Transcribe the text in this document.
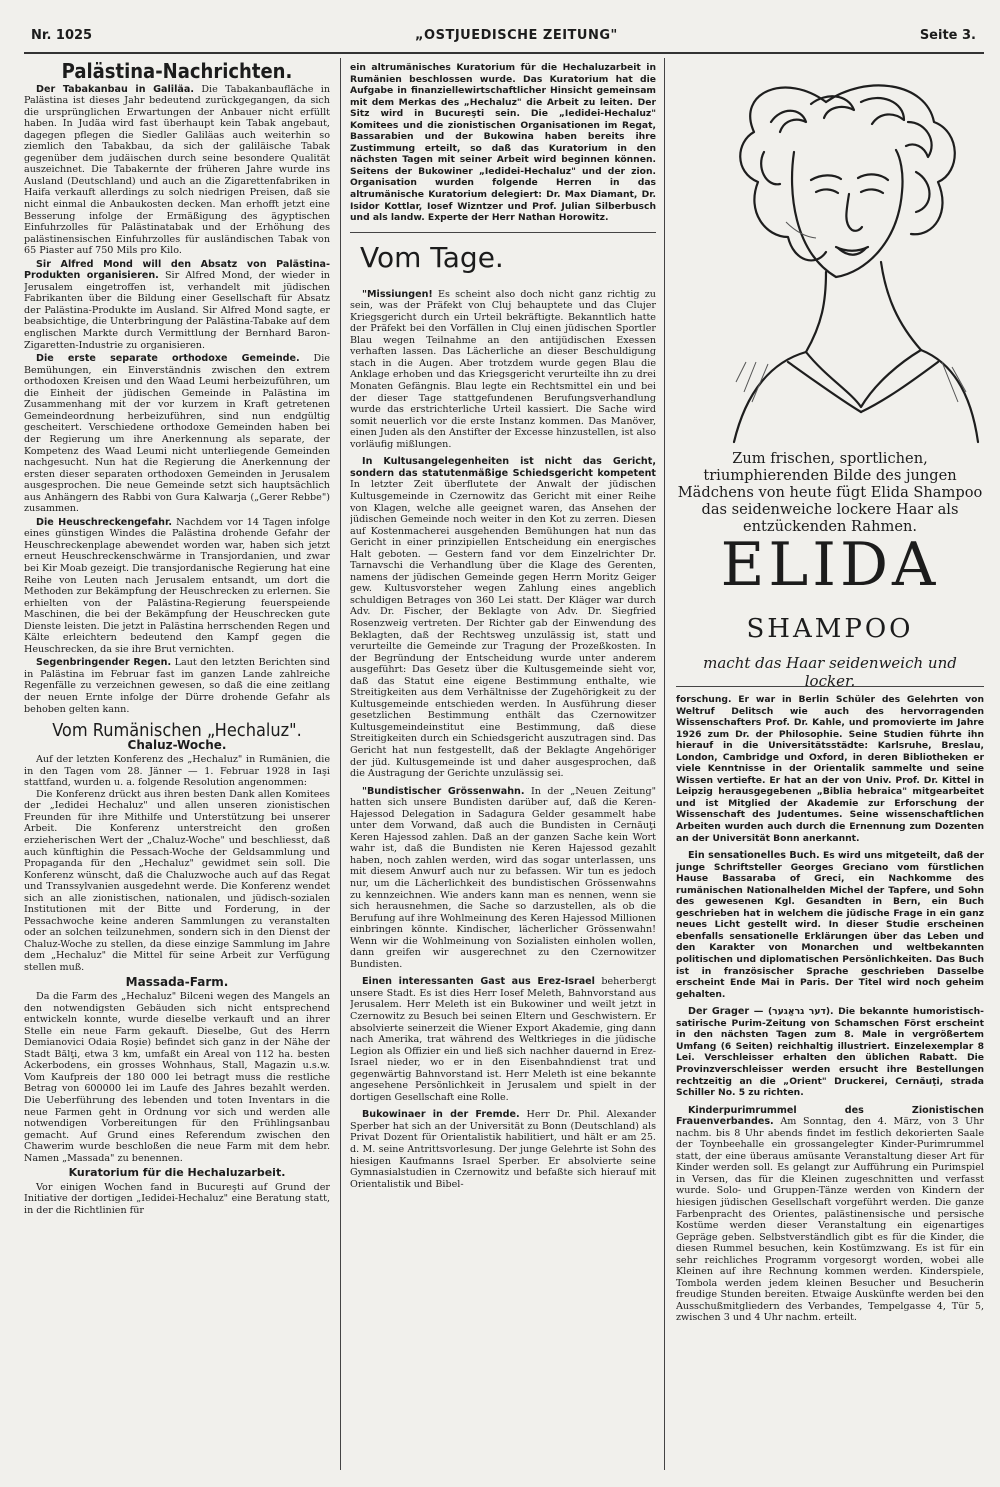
Nr. 1025	„OSTJUEDISCHE ZEITUNG"	Seite 3.
Palästina-Nachrichten.

Der Tabakanbau in Galiläa. Die Tabakanbaufläche in Palästina ist dieses Jahr bedeutend zurückgegangen, da sich die ursprünglichen Erwartungen der Anbauer nicht erfüllt haben. In Judäa wird fast überhaupt kein Tabak angebaut, dagegen pflegen die Siedler Galiläas auch weiterhin so ziemlich den Tabakbau, da sich der galiläische Tabak gegenüber dem judäischen durch seine besondere Qualität auszeichnet. Die Tabakernte der früheren Jahre wurde ins Ausland (Deutschland) und auch an die Zigarettenfabriken in Haifa verkauft allerdings zu solch niedrigen Preisen, daß sie nicht einmal die Anbaukosten decken. Man erhofft jetzt eine Besserung infolge der Ermäßigung des ägyptischen Einfuhrzolles für Palästinatabak und der Erhöhung des palästinensischen Einfuhrzolles für ausländischen Tabak von 65 Piaster auf 750 Mils pro Kilo.

Sir Alfred Mond will den Absatz von Palästina-Produkten organisieren. Sir Alfred Mond, der wieder in Jerusalem eingetroffen ist, verhandelt mit jüdischen Fabrikanten über die Bildung einer Gesellschaft für Absatz der Palästina-Produkte im Ausland. Sir Alfred Mond sagte, er beabsichtige, die Unterbringung der Palästina-Tabake auf dem englischen Markte durch Vermittlung der Bernhard Baron-Zigaretten-Industrie zu organisieren.

Die erste separate orthodoxe Gemeinde. Die Bemühungen, ein Einverständnis zwischen den extrem orthodoxen Kreisen und den Waad Leumi herbeizuführen, um die Einheit der jüdischen Gemeinde in Palästina im Zusammenhang mit der vor kurzem in Kraft getretenen Gemeindeordnung herbeizuführen, sind nun endgültig gescheitert. Verschiedene orthodoxe Gemeinden haben bei der Regierung um ihre Anerkennung als separate, der Kompetenz des Waad Leumi nicht unterliegende Gemeinden nachgesucht. Nun hat die Regierung die Anerkennung der ersten dieser separaten orthodoxen Gemeinden in Jerusalem ausgesprochen. Die neue Gemeinde setzt sich hauptsächlich aus Anhängern des Rabbi von Gura Kalwarja („Gerer Rebbe") zusammen.

Die Heuschreckengefahr. Nachdem vor 14 Tagen infolge eines günstigen Windes die Palästina drohende Gefahr der Heuschreckenplage abewendet worden war, haben sich jetzt erneut Heuschreckenschwärme in Transjordanien, und zwar bei Kir Moab gezeigt. Die transjordanische Regierung hat eine Reihe von Leuten nach Jerusalem entsandt, um dort die Methoden zur Bekämpfung der Heuschrecken zu erlernen. Sie erhielten von der Palästina-Regierung feuerspeiende Maschinen, die bei der Bekämpfung der Heuschrecken gute Dienste leisten. Die jetzt in Palästina herrschenden Regen und Kälte erleichtern bedeutend den Kampf gegen die Heuschrecken, da sie ihre Brut vernichten.

Segenbringender Regen. Laut den letzten Berichten sind in Palästina im Februar fast im ganzen Lande zahlreiche Regenfälle zu verzeichnen gewesen, so daß die eine zeitlang der neuen Ernte infolge der Dürre drohende Gefahr als behoben gelten kann.

Vom Rumänischen „Hechaluz".
Chaluz-Woche.

Auf der letzten Konferenz des „Hechaluz" in Rumänien, die in den Tagen vom 28. Jänner — 1. Februar 1928 in Iaşi stattfand, wurden u. a. folgende Resolution angenommen:

Die Konferenz drückt aus ihren besten Dank allen Komitees der „Iedidei Hechaluz" und allen unseren zionistischen Freunden für ihre Mithilfe und Unterstützung bei unserer Arbeit. Die Konferenz unterstreicht den großen erzieherischen Wert der „Chaluz-Woche" und beschliesst, daß auch künftighin die Pessach-Woche der Geldsammlung und Propaganda für den „Hechaluz" gewidmet sein soll. Die Konferenz wünscht, daß die Chaluzwoche auch auf das Regat und Transsylvanien ausgedehnt werde. Die Konferenz wendet sich an alle zionistischen, nationalen, und jüdisch-sozialen Institutionen mit der Bitte und Forderung, in der Pessachwoche keine anderen Sammlungen zu veranstalten oder an solchen teilzunehmen, sondern sich in den Dienst der Chaluz-Woche zu stellen, da diese einzige Sammlung im Jahre dem „Hechaluz" die Mittel für seine Arbeit zur Verfügung stellen muß.

Massada-Farm.

Da die Farm des „Hechaluz" Bilceni wegen des Mangels an den notwendigsten Gebäuden sich nicht entsprechend entwickeln konnte, wurde dieselbe verkauft und an ihrer Stelle ein neue Farm gekauft. Dieselbe, Gut des Herrn Demianovici Odaia Roşie) befindet sich ganz in der Nähe der Stadt Bălţi, etwa 3 km, umfaßt ein Areal von 112 ha. besten Ackerbodens, ein grosses Wohnhaus, Stall, Magazin u.s.w. Vom Kaufpreis der 180 000 lei betragt muss die restliche Betrag von 600000 lei im Laufe des Jahres bezahlt werden. Die Ueberführung des lebenden und toten Inventars in die neue Farmen geht in Ordnung vor sich und werden alle notwendigen Vorbereitungen für den Frühlingsanbau gemacht. Auf Grund eines Referendum zwischen den Chawerim wurde beschloßen die neue Farm mit dem hebr. Namen „Massada" zu benennen.

Kuratorium für die Hechaluzarbeit.

Vor einigen Wochen fand in Bucureşti auf Grund der Initiative der dortigen „Iedidei-Hechaluz" eine Beratung statt, in der die Richtlinien für

ein altrumänisches Kuratorium für die Hechaluzarbeit in Rumänien beschlossen wurde. Das Kuratorium hat die Aufgabe in finanziellewirtschaftlicher Hinsicht gemeinsam mit dem Merkas des „Hechaluz" die Arbeit zu leiten. Der Sitz wird in Bucureşti sein. Die „Iedidei-Hechaluz" Komitees und die zionistischen Organisationen im Regat, Bassarabien und der Bukowina haben bereits ihre Zustimmung erteilt, so daß das Kuratorium in den nächsten Tagen mit seiner Arbeit wird beginnen können. Seitens der Bukowiner „Iedidei-Hechaluz" und der zion. Organisation wurden folgende Herren in das altrumänische Kuratorium delegiert: Dr. Max Diamant, Dr. Isidor Kottlar, Iosef Wizntzer und Prof. Julian Silberbusch und als landw. Experte der Herr Nathan Horowitz.

Vom Tage.

"Missiungen! Es scheint also doch nicht ganz richtig zu sein, was der Präfekt von Cluj behauptete und das Clujer Kriegsgericht durch ein Urteil bekräftigte. Bekanntlich hatte der Präfekt bei den Vorfällen in Cluj einen jüdischen Sportler Blau wegen Teilnahme an den antijüdischen Exessen verhaften lassen. Das Lächerliche an dieser Beschuldigung stach in die Augen. Aber trotzdem wurde gegen Blau die Anklage erhoben und das Kriegsgericht verurteilte ihn zu drei Monaten Gefängnis. Blau legte ein Rechtsmittel ein und bei der dieser Tage stattgefundenen Berufungsverhandlung wurde das erstrichterliche Urteil kassiert. Die Sache wird somit neuerlich vor die erste Instanz kommen. Das Manöver, einen Juden als den Anstifter der Excesse hinzustellen, ist also vorläufig mißlungen.

In Kultusangelegenheiten ist nicht das Gericht, sondern das statutenmäßige Schiedsgericht kompetent In letzter Zeit überflutete der Anwalt der jüdischen Kultusgemeinde in Czernowitz das Gericht mit einer Reihe von Klagen, welche alle geeignet waren, das Ansehen der jüdischen Gemeinde noch weiter in den Kot zu zerren. Diesen auf Kostenmacherei ausgehenden Bemühungen hat nun das Gericht in einer prinzipiellen Entscheidung ein energisches Halt geboten. — Gestern fand vor dem Einzelrichter Dr. Tarnavschi die Verhandlung über die Klage des Gerenten, namens der jüdischen Gemeinde gegen Herrn Moritz Geiger gew. Kultusvorsteher wegen Zahlung eines angeblich schuldigen Betrages von 360 Lei statt. Der Kläger war durch Adv. Dr. Fischer, der Beklagte von Adv. Dr. Siegfried Rosenzweig vertreten. Der Richter gab der Einwendung des Beklagten, daß der Rechtsweg unzulässig ist, statt und verurteilte die Gemeinde zur Tragung der Prozeßkosten. In der Begründung der Entscheidung wurde unter anderem ausgeführt: Das Gesetz über die Kultusgemeinde sieht vor, daß das Statut eine eigene Bestimmung enthalte, wie Streitigkeiten aus dem Verhältnisse der Zugehörigkeit zu der Kultusgemeinde entschieden werden. In Ausführung dieser gesetzlichen Bestimmung enthält das Czernowitzer Kultusgemeindeinstitut eine Bestimmung, daß diese Streitigkeiten durch ein Schiedsgericht auszutragen sind. Das Gericht hat nun festgestellt, daß der Beklagte Angehöriger der jüd. Kultusgemeinde ist und daher ausgesprochen, daß die Austragung der Gerichte unzulässig sei.

"Bundistischer Grössenwahn. In der „Neuen Zeitung" hatten sich unsere Bundisten darüber auf, daß die Keren-Hajessod Delegation in Sadagura Gelder gesammelt habe unter dem Vorwand, daß auch die Bundisten in Cernăuţi Keren Hajessod zahlen. Daß an der ganzen Sache kein Wort wahr ist, daß die Bundisten nie Keren Hajessod gezahlt haben, noch zahlen werden, wird das sogar unterlassen, uns mit diesem Anwurf auch nur zu befassen. Wir tun es jedoch nur, um die Lächerlichkeit des bundistischen Grössenwahns zu kennzeichnen. Wie anders kann man es nennen, wenn sie sich herausnehmen, die Sache so darzustellen, als ob die Berufung auf ihre Wohlmeinung des Keren Hajessod Millionen einbringen könnte. Kindischer, lächerlicher Grössenwahn! Wenn wir die Wohlmeinung von Sozialisten einholen wollen, dann greifen wir ausgerechnet zu den Czernowitzer Bundisten.

Einen interessanten Gast aus Erez-Israel beherbergt unsere Stadt. Es ist dies Herr Iosef Meleth, Bahnvorstand aus Jerusalem. Herr Meleth ist ein Bukowiner und weilt jetzt in Czernowitz zu Besuch bei seinen Eltern und Geschwistern. Er absolvierte seinerzeit die Wiener Export Akademie, ging dann nach Amerika, trat während des Weltkrieges in die jüdische Legion als Offizier ein und ließ sich nachher dauernd in Erez-Israel nieder, wo er in den Eisenbahndienst trat und gegenwärtig Bahnvorstand ist. Herr Meleth ist eine bekannte angesehene Persönlichkeit in Jerusalem und spielt in der dortigen Gesellschaft eine Rolle.

Bukowinaer in der Fremde. Herr Dr. Phil. Alexander Sperber hat sich an der Universität zu Bonn (Deutschland) als Privat Dozent für Orientalistik habilitiert, und hält er am 25. d. M. seine Antrittsvorlesung. Der junge Gelehrte ist Sohn des hiesigen Kaufmanns Israel Sperber. Er absolvierte seine Gymnasialstudien in Czernowitz und befaßte sich hierauf mit Orientalistik und Bibel-

Zum frischen, sportlichen, triumphierenden Bilde des jungen Mädchens von heute fügt Elida Shampoo das seidenweiche lockere Haar als entzückenden Rahmen.
ELIDA
SHAMPOO
macht das Haar seidenweich und locker.

forschung. Er war in Berlin Schüler des Gelehrten von Weltruf Delitsch wie auch des hervorragenden Wissenschafters Prof. Dr. Kahle, und promovierte im Jahre 1926 zum Dr. der Philosophie. Seine Studien führte ihn hierauf in die Universitätsstädte: Karlsruhe, Breslau, London, Cambridge und Oxford, in deren Bibliotheken er viele Kenntnisse in der Orientalik sammelte und seine Wissen vertiefte. Er hat an der von Univ. Prof. Dr. Kittel in Leipzig herausgegebenen „Biblia hebraica" mitgearbeitet und ist Mitglied der Akademie zur Erforschung der Wissenschaft des Judentumes. Seine wissenschaftlichen Arbeiten wurden auch durch die Ernennung zum Dozenten an der Universität Bonn anerkannt.

Ein sensationelles Buch. Es wird uns mitgeteilt, daß der junge Schriftsteller Georges Greciano vom fürstlichen Hause Bassaraba of Greci, ein Nachkomme des rumänischen Nationalhelden Michel der Tapfere, und Sohn des gewesenen Kgl. Gesandten in Bern, ein Buch geschrieben hat in welchem die jüdische Frage in ein ganz neues Licht gestellt wird. In dieser Studie erscheinen ebenfalls sensationelle Erklärungen über das Leben und den Karakter von Monarchen und weltbekannten politischen und diplomatischen Persönlichkeiten. Das Buch ist in französischer Sprache geschrieben Dasselbe erscheint Ende Mai in Paris. Der Titel wird noch geheim gehalten.

Der Grager — (דער גראַגער). Die bekannte humoristisch-satirische Purim-Zeitung von Schamschen Först erscheint in den nächsten Tagen zum 8. Male in vergrößertem Umfang (6 Seiten) reichhaltig illustriert. Einzelexemplar 8 Lei. Verschleisser erhalten den üblichen Rabatt. Die Provinzverschleisser werden ersucht ihre Bestellungen rechtzeitig an die „Orient" Druckerei, Cernăuţi, strada Schiller No. 5 zu richten.

Kinderpurimrummel des Zionistischen Frauenverbandes. Am Sonntag, den 4. März, von 3 Uhr nachm. bis 8 Uhr abends findet im festlich dekorierten Saale der Toynbeehalle ein grossangelegter Kinder-Purimrummel statt, der eine überaus amüsante Veranstaltung dieser Art für Kinder werden soll. Es gelangt zur Aufführung ein Purimspiel in Versen, das für die Kleinen zugeschnitten und verfasst wurde. Solo- und Gruppen-Tänze werden von Kindern der hiesigen jüdischen Gesellschaft vorgeführt werden. Die ganze Farbenpracht des Orientes, palästinensische und persische Kostüme werden dieser Veranstaltung ein eigenartiges Gepräge geben. Selbstverständlich gibt es für die Kinder, die diesen Rummel besuchen, kein Kostümzwang. Es ist für ein sehr reichliches Programm vorgesorgt worden, wobei alle Kleinen auf ihre Rechnung kommen werden. Kinderspiele, Tombola werden jedem kleinen Besucher und Besucherin freudige Stunden bereiten. Etwaige Auskünfte werden bei den Ausschußmitgliedern des Verbandes, Tempelgasse 4, Tür 5, zwischen 3 und 4 Uhr nachm. erteilt.
